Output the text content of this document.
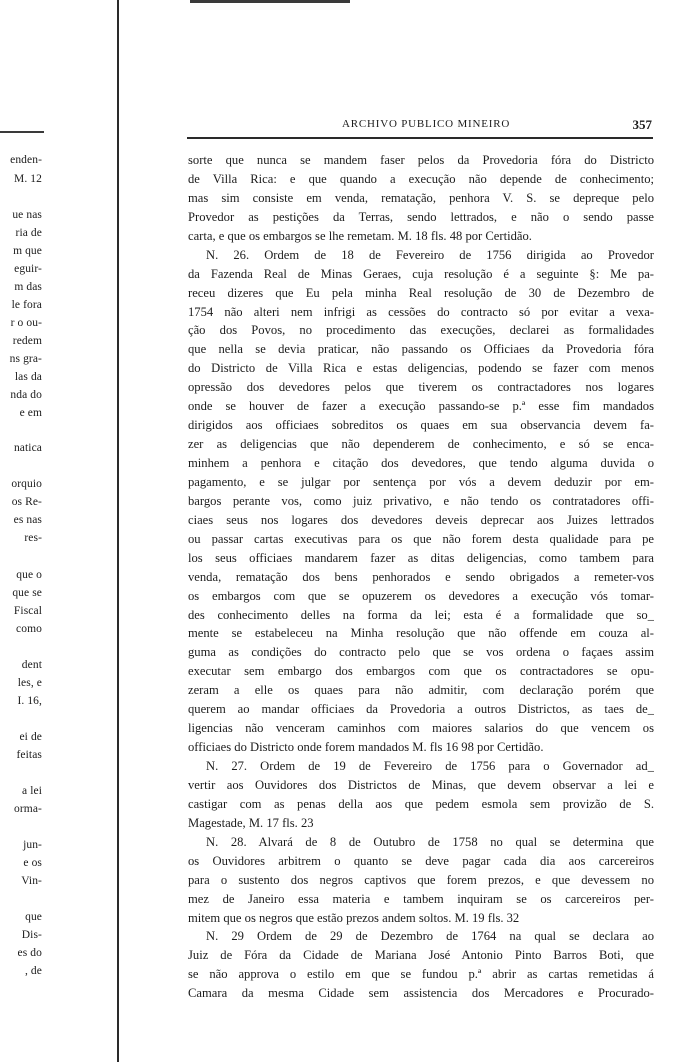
enden-
M. 12
ue nas
ria de
m que
eguir-
m das
le fora
r o ou-
redem
ns gra-
las da
nda do
e em
natica
orquio
os Re-
es nas
res-
que o
que se
Fiscal
como
dent
les, e
I. 16,
ei de
feitas
a lei
orma-
jun-
e os
Vin-
que
Dis-
es do
, de
ARCHIVO PUBLICO MINEIRO	357
sorte que nunca se mandem faser pelos da Provedoria fóra do Districto
de Villa Rica: e que quando a execução não depende de conhecimento;
mas sim consiste em venda, rematação, penhora V. S. se depreque pelo
Provedor as pestições da Terras, sendo lettrados, e não o sendo passe
carta, e que os embargos se lhe remetam. M. 18 fls. 48 por Certidão.
N. 26. Ordem de 18 de Fevereiro de 1756 dirigida ao Provedor
da Fazenda Real de Minas Geraes, cuja resolução é a seguinte §: Me pa-
receu dizeres que Eu pela minha Real resolução de 30 de Dezembro de
1754 não alteri nem infrigi as cessões do contracto só por evitar a vexa-
ção dos Povos, no procedimento das execuções, declarei as formalidades
que nella se devia praticar, não passando os Officiaes da Provedoria fóra
do Districto de Villa Rica e estas deligencias, podendo se fazer com menos
opressão dos devedores pelos que tiverem os contractadores nos logares
onde se houver de fazer a execução passando-se p.ª esse fim mandados
dirigidos aos officiaes sobreditos os quaes em sua observancia devem fa-
zer as deligencias que não dependerem de conhecimento, e só se enca-
minhem a penhora e citação dos devedores, que tendo alguma duvida o
pagamento, e se julgar por sentença por vós a devem deduzir por em-
bargos perante vos, como juiz privativo, e não tendo os contratadores offi-
ciaes seus nos logares dos devedores deveis deprecar aos Juizes lettrados
ou passar cartas executivas para os que não forem desta qualidade para pe
los seus officiaes mandarem fazer as ditas deligencias, como tambem para
venda, rematação dos bens penhorados e sendo obrigados a remeter-vos
os embargos com que se opuzerem os devedores a execução vós tomar-
des conhecimento delles na forma da lei; esta é a formalidade que so_
mente se estabeleceu na Minha resolução que não offende em couza al-
guma as condições do contracto pelo que se vos ordena o façaes assim
executar sem embargo dos embargos com que os contractadores se opu-
zeram a elle os quaes para não admitir, com declaração porém que
querem ao mandar officiaes da Provedoria a outros Districtos, as taes de_
ligencias não venceram caminhos com maiores salarios do que vencem os
officiaes do Districto onde forem mandados M. fls 16 98 por Certidão.
N. 27. Ordem de 19 de Fevereiro de 1756 para o Governador ad_
vertir aos Ouvidores dos Districtos de Minas, que devem observar a lei e
castigar com as penas della aos que pedem esmola sem provizão de S.
Magestade, M. 17 fls. 23
N. 28. Alvará de 8 de Outubro de 1758 no qual se determina que
os Ouvidores arbitrem o quanto se deve pagar cada dia aos carcereiros
para o sustento dos negros captivos que forem prezos, e que devessem no
mez de Janeiro essa materia e tambem inquiram se os carcereiros per-
mitem que os negros que estão prezos andem soltos. M. 19 fls. 32
N. 29 Ordem de 29 de Dezembro de 1764 na qual se declara ao
Juiz de Fóra da Cidade de Mariana José Antonio Pinto Barros Boti, que
se não approva o estilo em que se fundou p.ª abrir as cartas remetidas á
Camara da mesma Cidade sem assistencia dos Mercadores e Procurado-
